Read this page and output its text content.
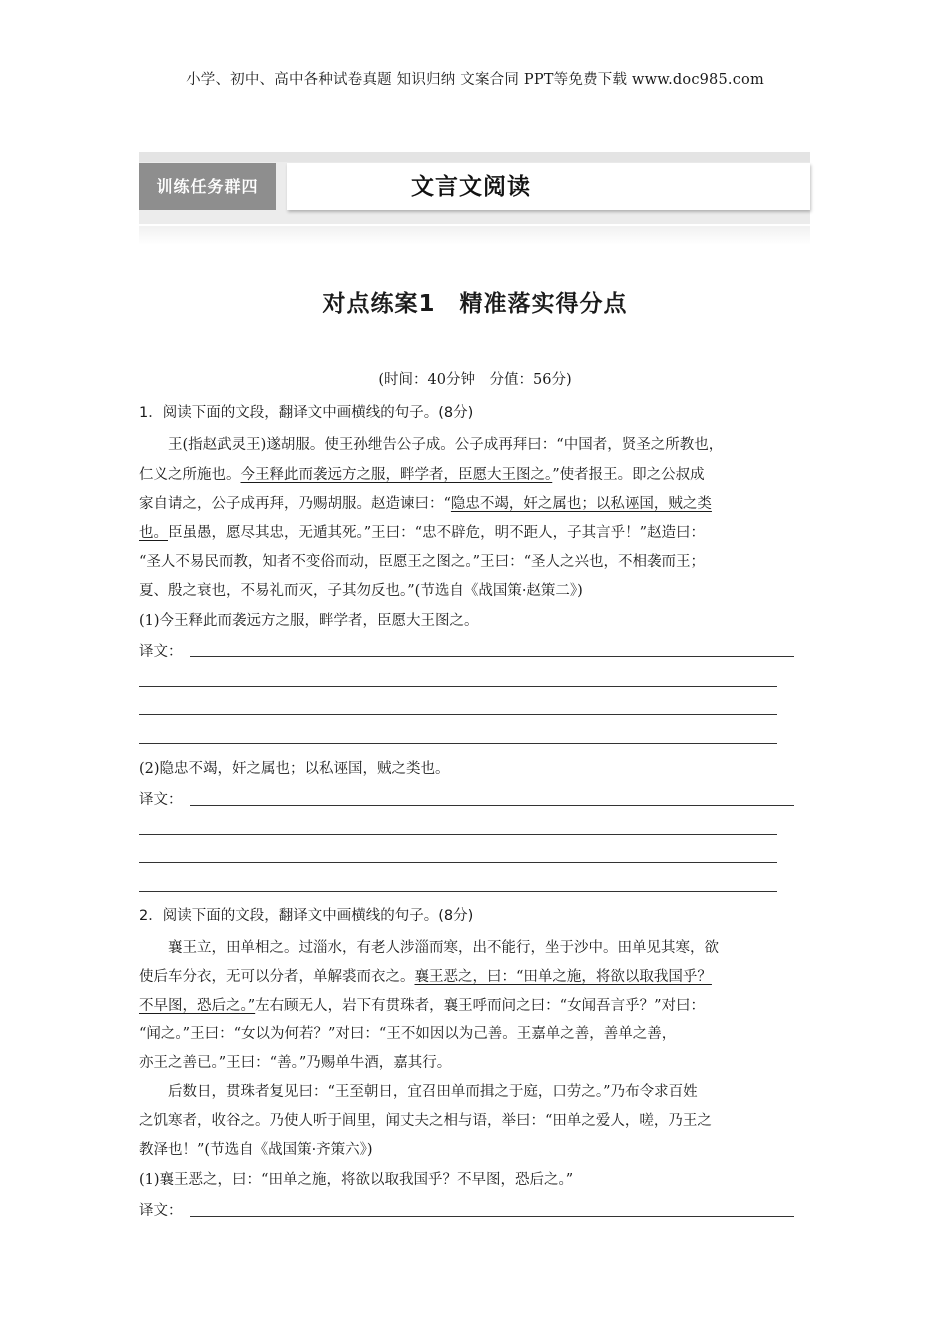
小学、初中、高中各种试卷真题 知识归纳 文案合同 PPT等免费下载 www.doc985.com
训练任务群四	文言文阅读
对点练案1　精准落实得分点
(时间：40分钟　分值：56分)
1．阅读下面的文段，翻译文中画横线的句子。(8分)
王(指赵武灵王)遂胡服。使王孙绁告公子成。公子成再拜曰：“中国者，贤圣之所教也，
仁义之所施也。今王释此而袭远方之服，畔学者，臣愿大王图之。”使者报王。即之公叔成
家自请之，公子成再拜，乃赐胡服。赵造谏曰：“隐忠不竭，奸之属也；以私诬国，贼之类
也。臣虽愚，愿尽其忠，无遁其死。”王曰：“忠不辟危，明不距人，子其言乎！”赵造曰：
“圣人不易民而教，知者不变俗而动，臣愿王之图之。”王曰：“圣人之兴也，不相袭而王；
夏、殷之衰也，不易礼而灭，子其勿反也。”(节选自《战国策·赵策二》)
(1)今王释此而袭远方之服，畔学者，臣愿大王图之。
译文：
(2)隐忠不竭，奸之属也；以私诬国，贼之类也。
译文：
2．阅读下面的文段，翻译文中画横线的句子。(8分)
襄王立，田单相之。过淄水，有老人涉淄而寒，出不能行，坐于沙中。田单见其寒，欲
使后车分衣，无可以分者，单解裘而衣之。襄王恶之，曰：“田单之施，将欲以取我国乎？
不早图，恐后之。”左右顾无人，岩下有贯珠者，襄王呼而问之曰：“女闻吾言乎？”对曰：
“闻之。”王曰：“女以为何若？”对曰：“王不如因以为己善。王嘉单之善，善单之善，
亦王之善已。”王曰：“善。”乃赐单牛酒，嘉其行。
后数日，贯珠者复见曰：“王至朝日，宜召田单而揖之于庭，口劳之。”乃布令求百姓
之饥寒者，收谷之。乃使人听于闾里，闻丈夫之相与语，举曰：“田单之爱人，嗟，乃王之
教泽也！”(节选自《战国策·齐策六》)
(1)襄王恶之，曰：“田单之施，将欲以取我国乎？不早图，恐后之。”
译文：
